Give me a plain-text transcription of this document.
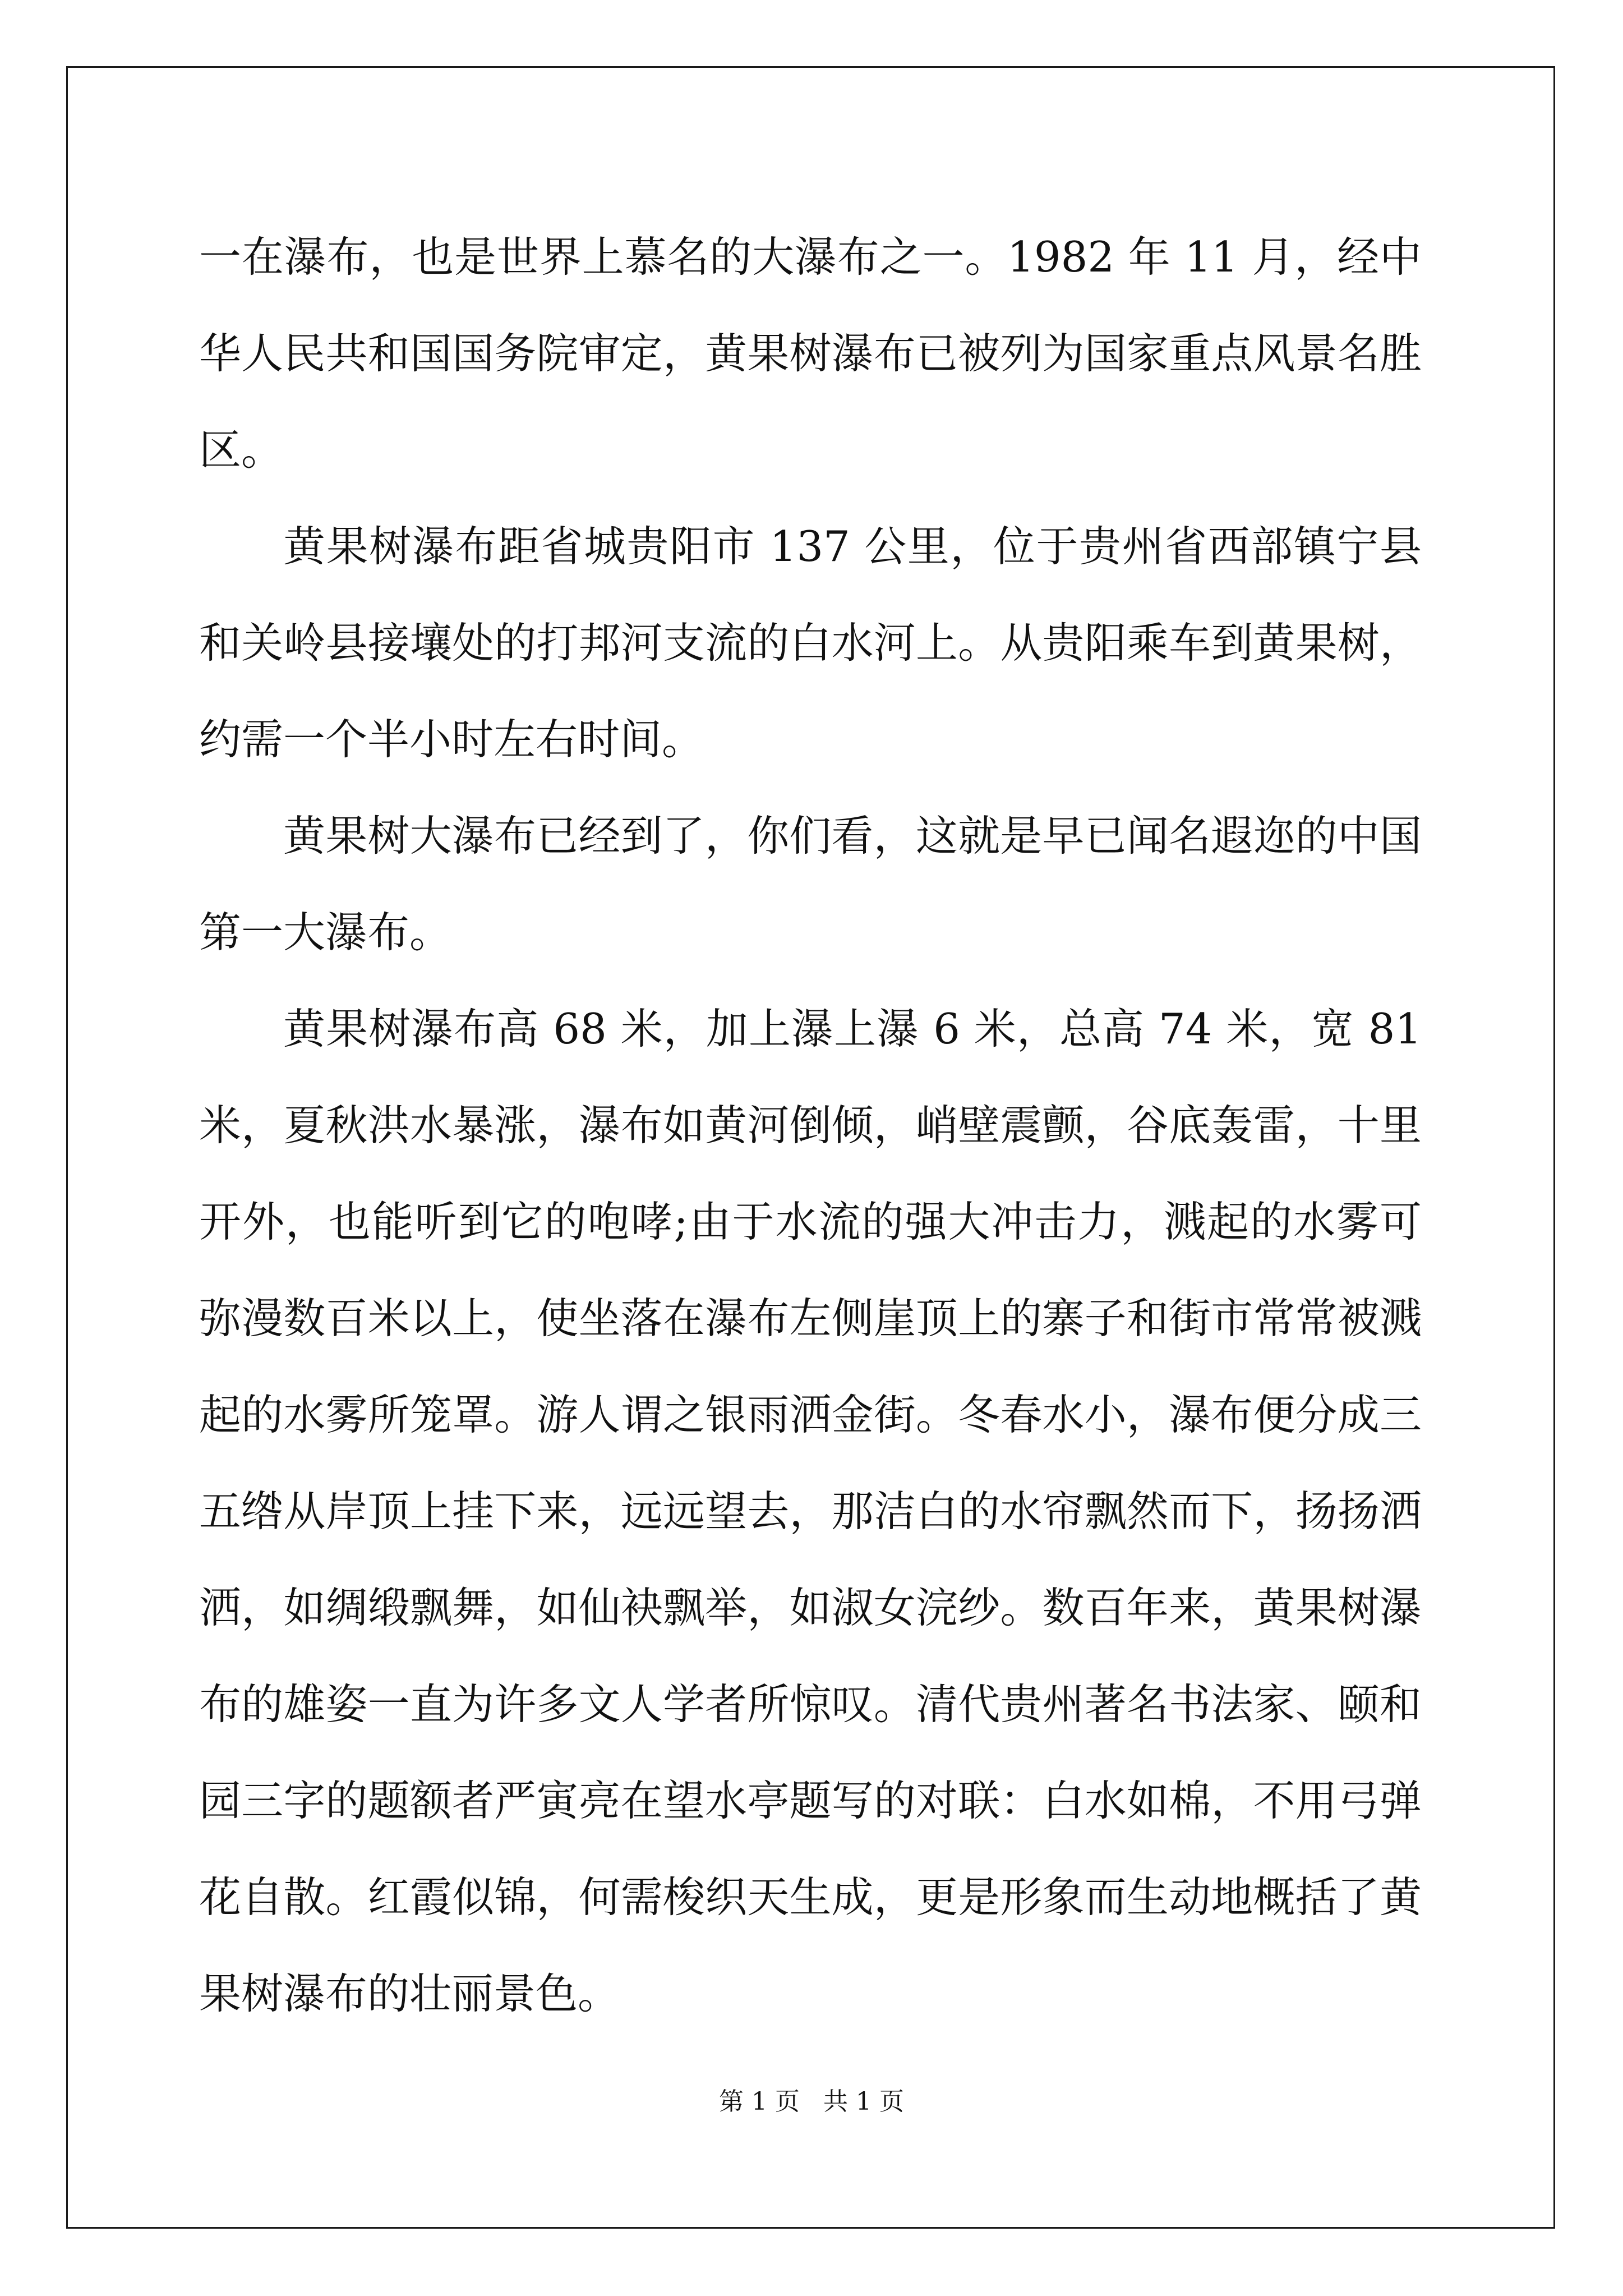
一在瀑布，也是世界上慕名的大瀑布之一。1982 年 11 月，经中华人民共和国国务院审定，黄果树瀑布已被列为国家重点风景名胜区。

黄果树瀑布距省城贵阳市 137 公里，位于贵州省西部镇宁县和关岭县接壤处的打邦河支流的白水河上。从贵阳乘车到黄果树，约需一个半小时左右时间。

黄果树大瀑布已经到了，你们看，这就是早已闻名遐迩的中国第一大瀑布。

黄果树瀑布高 68 米，加上瀑上瀑 6 米，总高 74 米，宽 81 米，夏秋洪水暴涨，瀑布如黄河倒倾，峭壁震颤，谷底轰雷，十里开外，也能听到它的咆哮;由于水流的强大冲击力，溅起的水雾可弥漫数百米以上，使坐落在瀑布左侧崖顶上的寨子和街市常常被溅起的水雾所笼罩。游人谓之银雨洒金街。冬春水小，瀑布便分成三五绺从岸顶上挂下来，远远望去，那洁白的水帘飘然而下，扬扬洒洒，如绸缎飘舞，如仙袂飘举，如淑女浣纱。数百年来，黄果树瀑布的雄姿一直为许多文人学者所惊叹。清代贵州著名书法家、颐和园三字的题额者严寅亮在望水亭题写的对联：白水如棉，不用弓弹花自散。红霞似锦，何需梭织天生成，更是形象而生动地概括了黄果树瀑布的壮丽景色。

第 1 页   共 1 页
